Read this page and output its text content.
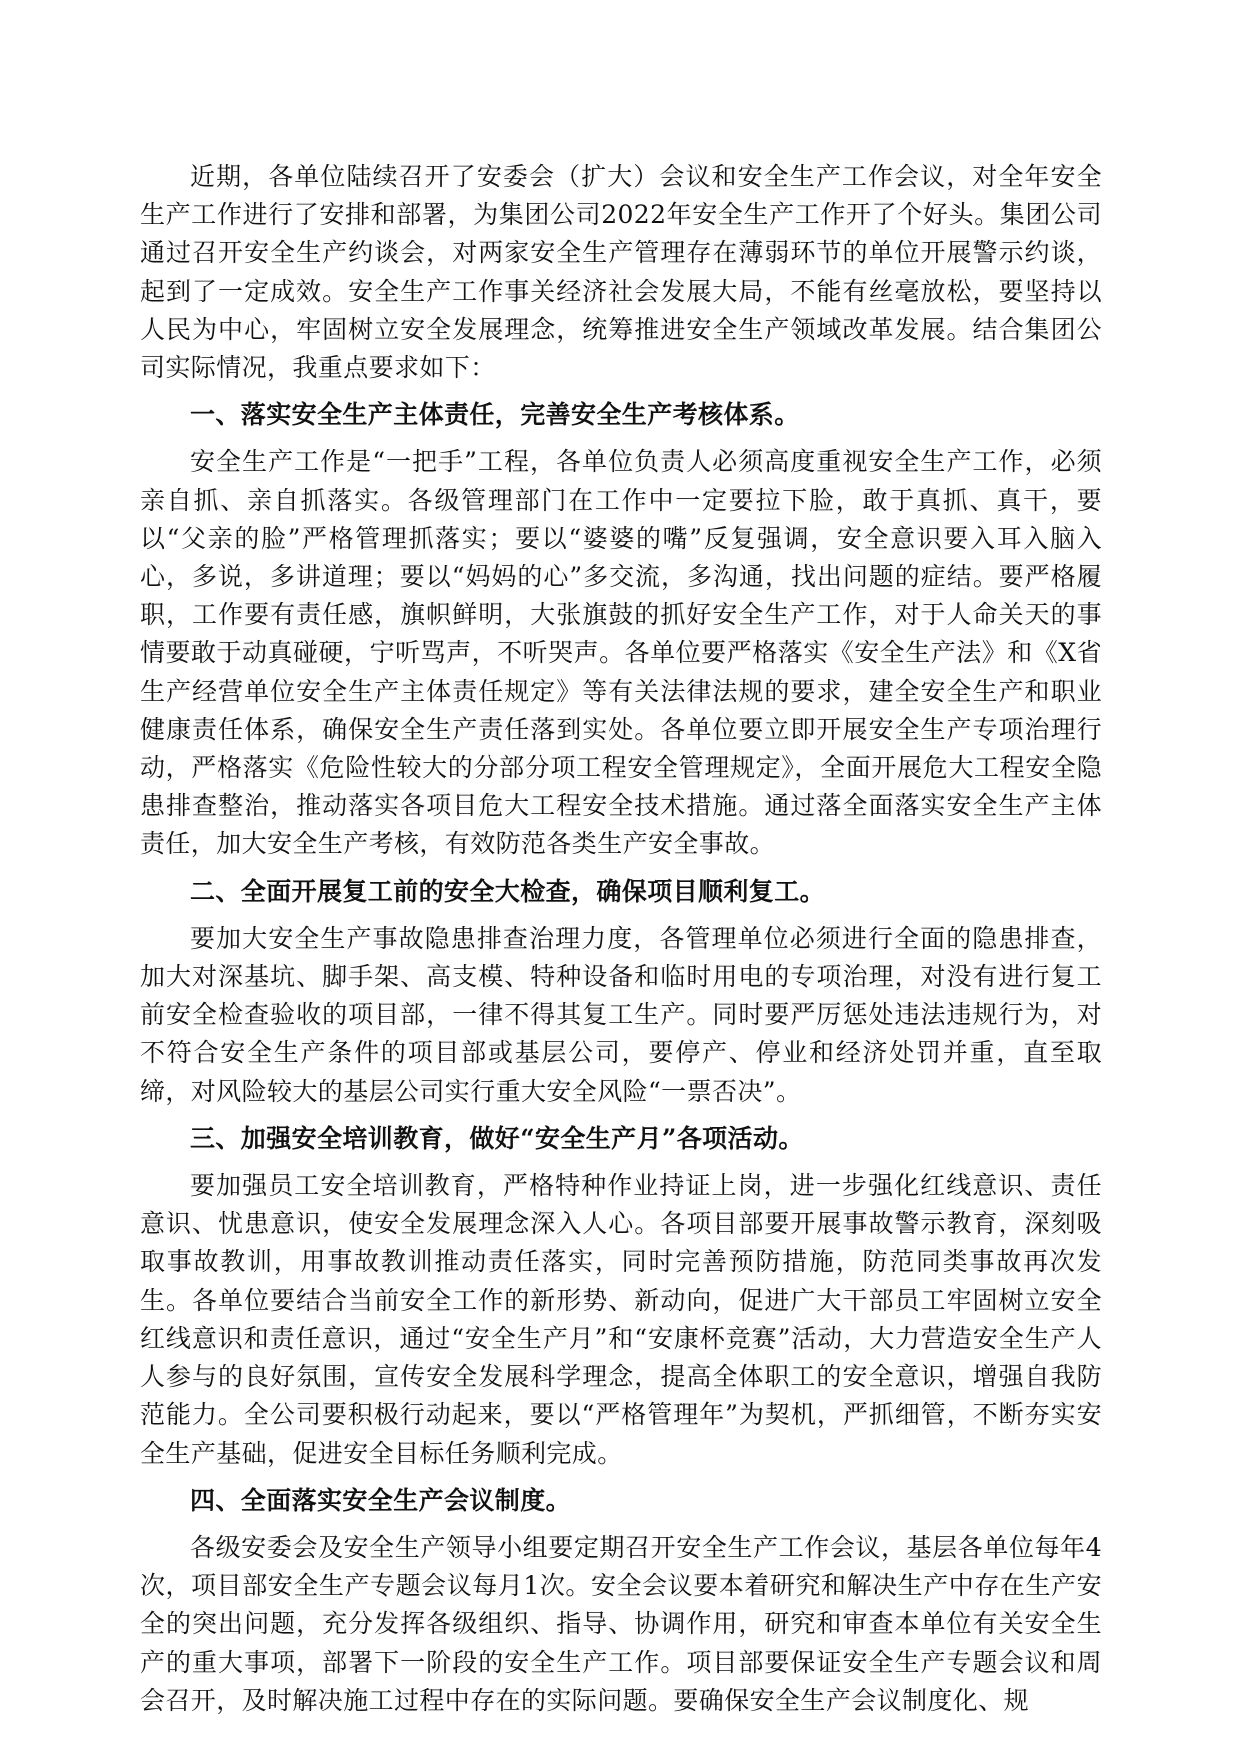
近期，各单位陆续召开了安委会（扩大）会议和安全生产工作会议，对全年安全生产工作进行了安排和部署，为集团公司2022年安全生产工作开了个好头。集团公司通过召开安全生产约谈会，对两家安全生产管理存在薄弱环节的单位开展警示约谈，起到了一定成效。安全生产工作事关经济社会发展大局，不能有丝毫放松，要坚持以人民为中心，牢固树立安全发展理念，统筹推进安全生产领域改革发展。结合集团公司实际情况，我重点要求如下：

一、落实安全生产主体责任，完善安全生产考核体系。

安全生产工作是“一把手”工程，各单位负责人必须高度重视安全生产工作，必须亲自抓、亲自抓落实。各级管理部门在工作中一定要拉下脸，敢于真抓、真干，要以“父亲的脸”严格管理抓落实；要以“婆婆的嘴”反复强调，安全意识要入耳入脑入心，多说，多讲道理；要以“妈妈的心”多交流，多沟通，找出问题的症结。要严格履职，工作要有责任感，旗帜鲜明，大张旗鼓的抓好安全生产工作，对于人命关天的事情要敢于动真碰硬，宁听骂声，不听哭声。各单位要严格落实《安全生产法》和《X省生产经营单位安全生产主体责任规定》等有关法律法规的要求，建全安全生产和职业健康责任体系，确保安全生产责任落到实处。各单位要立即开展安全生产专项治理行动，严格落实《危险性较大的分部分项工程安全管理规定》，全面开展危大工程安全隐患排查整治，推动落实各项目危大工程安全技术措施。通过落全面落实安全生产主体责任，加大安全生产考核，有效防范各类生产安全事故。

二、全面开展复工前的安全大检查，确保项目顺利复工。

要加大安全生产事故隐患排查治理力度，各管理单位必须进行全面的隐患排查，加大对深基坑、脚手架、高支模、特种设备和临时用电的专项治理，对没有进行复工前安全检查验收的项目部，一律不得其复工生产。同时要严厉惩处违法违规行为，对不符合安全生产条件的项目部或基层公司，要停产、停业和经济处罚并重，直至取缔，对风险较大的基层公司实行重大安全风险“一票否决”。

三、加强安全培训教育，做好“安全生产月”各项活动。

要加强员工安全培训教育，严格特种作业持证上岗，进一步强化红线意识、责任意识、忧患意识，使安全发展理念深入人心。各项目部要开展事故警示教育，深刻吸取事故教训，用事故教训推动责任落实，同时完善预防措施，防范同类事故再次发生。各单位要结合当前安全工作的新形势、新动向，促进广大干部员工牢固树立安全红线意识和责任意识，通过“安全生产月”和“安康杯竞赛”活动，大力营造安全生产人人参与的良好氛围，宣传安全发展科学理念，提高全体职工的安全意识，增强自我防范能力。全公司要积极行动起来，要以“严格管理年”为契机，严抓细管，不断夯实安全生产基础，促进安全目标任务顺利完成。

四、全面落实安全生产会议制度。

各级安委会及安全生产领导小组要定期召开安全生产工作会议，基层各单位每年4次，项目部安全生产专题会议每月1次。安全会议要本着研究和解决生产中存在生产安全的突出问题，充分发挥各级组织、指导、协调作用，研究和审查本单位有关安全生产的重大事项，部署下一阶段的安全生产工作。项目部要保证安全生产专题会议和周会召开，及时解决施工过程中存在的实际问题。要确保安全生产会议制度化、规
